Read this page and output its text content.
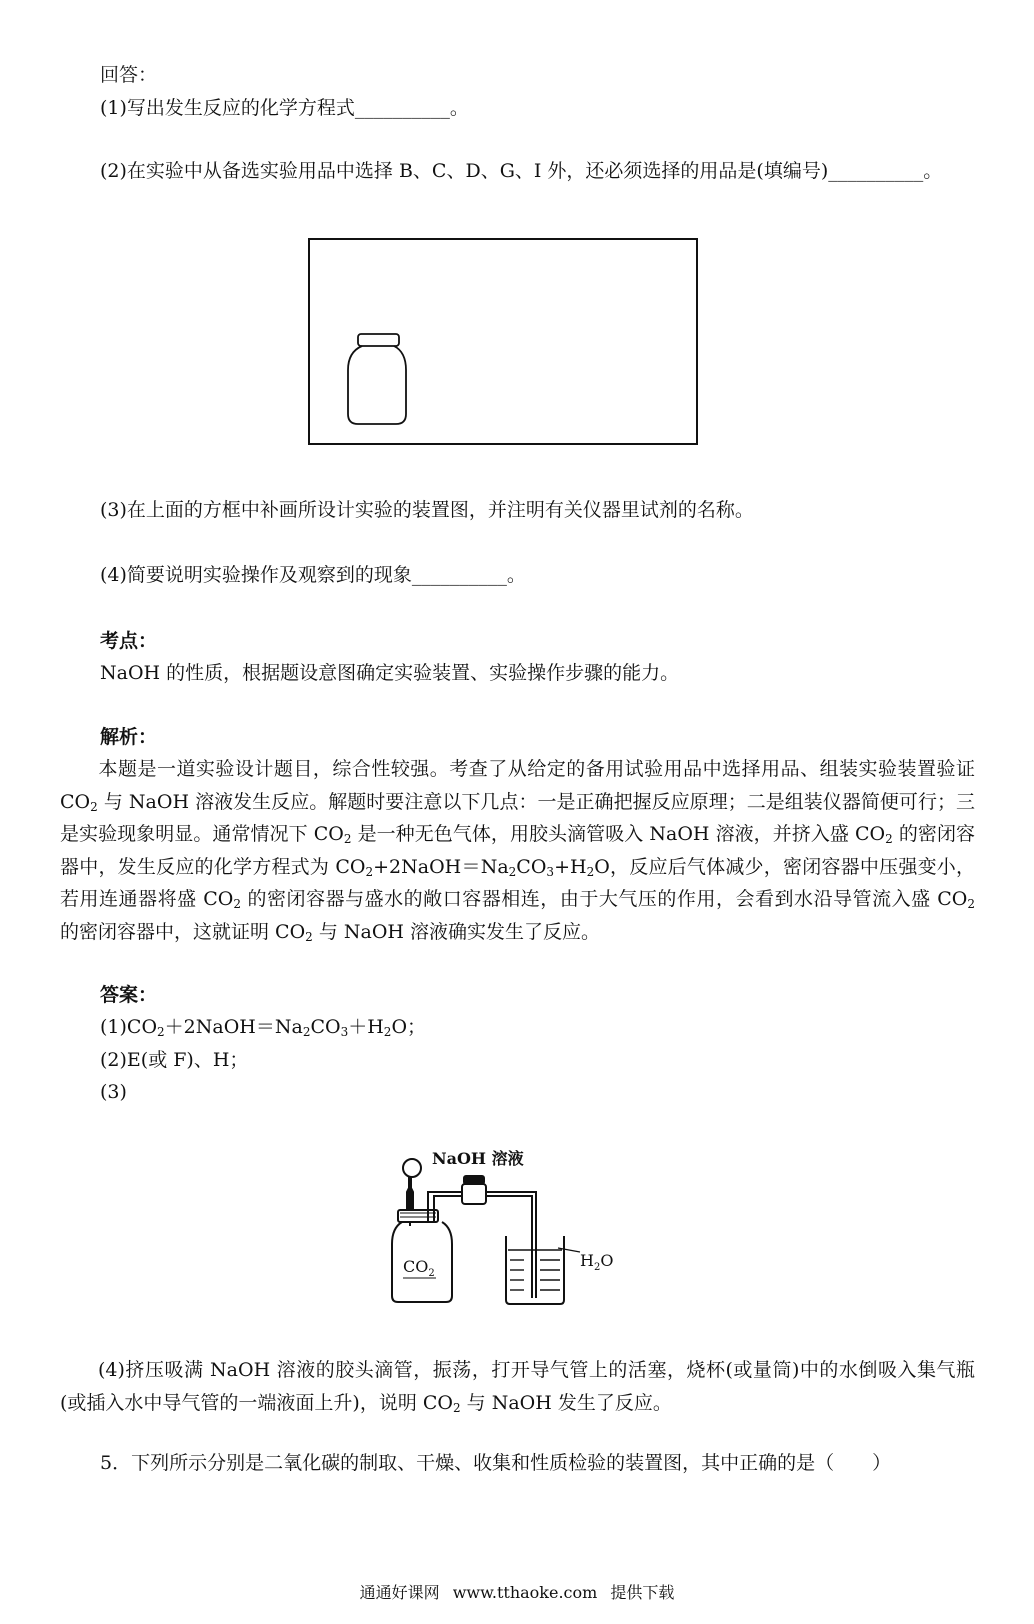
回答：
(1)写出发生反应的化学方程式__________。
(2)在实验中从备选实验用品中选择 B、C、D、G、I 外，还必须选择的用品是(填编号)__________。
(3)在上面的方框中补画所设计实验的装置图，并注明有关仪器里试剂的名称。
(4)简要说明实验操作及观察到的现象__________。
考点：
NaOH 的性质，根据题设意图确定实验装置、实验操作步骤的能力。
解析：
本题是一道实验设计题目，综合性较强。考查了从给定的备用试验用品中选择用品、组装实验装置验证 $CO_2$ 与 NaOH 溶液发生反应。解题时要注意以下几点：一是正确把握反应原理；二是组装仪器简便可行；三是实验现象明显。通常情况下 $CO_2$ 是一种无色气体，用胶头滴管吸入 NaOH 溶液，并挤入盛 $CO_2$ 的密闭容器中，发生反应的化学方程式为 $CO_2+2NaOH=Na_2CO_3+H_2O$，反应后气体减少，密闭容器中压强变小，若用连通器将盛 $CO_2$ 的密闭容器与盛水的敞口容器相连，由于大气压的作用，会看到水沿导管流入盛 $CO_2$ 的密闭容器中，这就证明 $CO_2$ 与 NaOH 溶液确实发生了反应。
答案：
$(1)CO_2+2NaOH=Na_2CO_3+H_2O$；
(2)E(或 F)、H；
(3)
NaOH 溶液
$CO_2$
$H_2O$
(4)挤压吸满 NaOH 溶液的胶头滴管，振荡，打开导气管上的活塞，烧杯(或量筒)中的水倒吸入集气瓶(或插入水中导气管的一端液面上升)，说明 $CO_2$ 与 NaOH 发生了反应。
5．下列所示分别是二氧化碳的制取、干燥、收集和性质检验的装置图，其中正确的是（　　）
通通好课网 www.tthaoke.com 提供下载
